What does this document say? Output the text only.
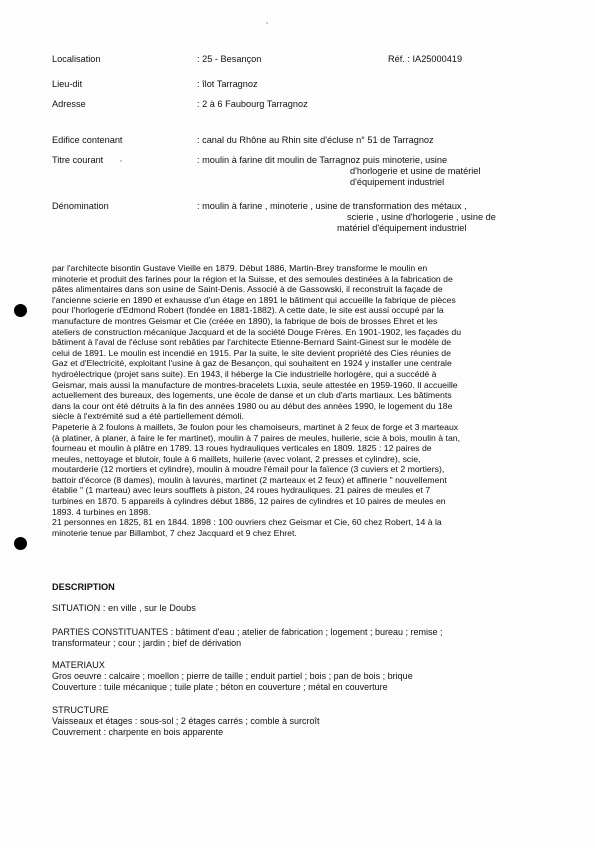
Localisation	: 25 - Besançon	Réf. : IA25000419
Lieu-dit	: îlot Tarragnoz
Adresse	: 2 à 6 Faubourg Tarragnoz
Edifice contenant	: canal du Rhône au Rhin site d'écluse n° 51 de Tarragnoz
Titre courant	: moulin à farine dit moulin de Tarragnoz puis minoterie, usine
d'horlogerie et usine de matériel
d'équipement industriel
Dénomination	: moulin à farine , minoterie , usine de transformation des métaux ,
scierie , usine d'horlogerie , usine de
matériel d'équipement industriel
par l'architecte bisontin Gustave Vieille en 1879. Début 1886, Martin-Brey transforme le moulin en
minoterie et produit des farines pour la région et la Suisse, et des semoules destinées à la fabrication de
pâtes alimentaires dans son usine de Saint-Denis. Associé à de Gassowski, il reconstruit la façade de
l'ancienne scierie en 1890 et exhausse d'un étage en 1891 le bâtiment qui accueille la fabrique de pièces
pour l'horlogerie d'Edmond Robert (fondée en 1881-1882). A cette date, le site est aussi occupé par la
manufacture de montres Geismar et Cie (créée en 1890), la fabrique de bois de brosses Ehret et les
ateliers de construction mécanique Jacquard et de la société Douge Frères. En 1901-1902, les façades du
bâtiment à l'aval de l'écluse sont rebâties par l'architecte Etienne-Bernard Saint-Ginest sur le modèle de
celui de 1891. Le moulin est incendié en 1915. Par la suite, le site devient propriété des Cies réunies de
Gaz et d'Electricité, exploitant l'usine à gaz de Besançon, qui souhaitent en 1924 y installer une centrale
hydroélectrique (projet sans suite). En 1943, il héberge la Cie industrielle horlogère, qui a succédé à
Geismar, mais aussi la manufacture de montres-bracelets Luxia, seule attestée en 1959-1960. Il accueille
actuellement des bureaux, des logements, une école de danse et un club d'arts martiaux. Les bâtiments
dans la cour ont été détruits à la fin des années 1980 ou au début des années 1990, le logement du 18e
siècle à l'extrémité sud a été partiellement démoli.
Papeterie à 2 foulons à maillets, 3e foulon pour les chamoiseurs, martinet à 2 feux de forge et 3 marteaux
(à platiner, à planer, à faire le fer martinet), moulin à 7 paires de meules, huilerie, scie à bois, moulin à tan,
fourneau et moulin à plâtre en 1789. 13 roues hydrauliques verticales en 1809. 1825 : 12 paires de
meules, nettoyage et blutoir, foule à 6 maillets, huilerie (avec volant, 2 presses et cylindre), scie,
moutarderie (12 mortiers et cylindre), moulin à moudre l'émail pour la faïence (3 cuviers et 2 mortiers),
battoir d'écorce (8 dames), moulin à lavures, martinet (2 marteaux et 2 feux) et affinerie " nouvellement
établie " (1 marteau) avec leurs soufflets à piston, 24 roues hydrauliques. 21 paires de meules et 7
turbines en 1870. 5 appareils à cylindres début 1886, 12 paires de cylindres et 10 paires de meules en
1893. 4 turbines en 1898.
21 personnes en 1825, 81 en 1844. 1898 : 100 ouvriers chez Geismar et Cie, 60 chez Robert, 14 à la
minoterie tenue par Billambot, 7 chez Jacquard et 9 chez Ehret.
DESCRIPTION
SITUATION : en ville , sur le Doubs
PARTIES CONSTITUANTES : bâtiment d'eau ; atelier de fabrication ; logement ; bureau ; remise ;
transformateur ; cour ; jardin ; bief de dérivation
MATERIAUX
Gros oeuvre : calcaire ; moellon ; pierre de taille ; enduit partiel ; bois ; pan de bois ; brique
Couverture : tuile mécanique ; tuile plate ; béton en couverture ; métal en couverture
STRUCTURE
Vaisseaux et étages : sous-sol ; 2 étages carrés ; comble à surcroît
Couvrement : charpente en bois apparente
